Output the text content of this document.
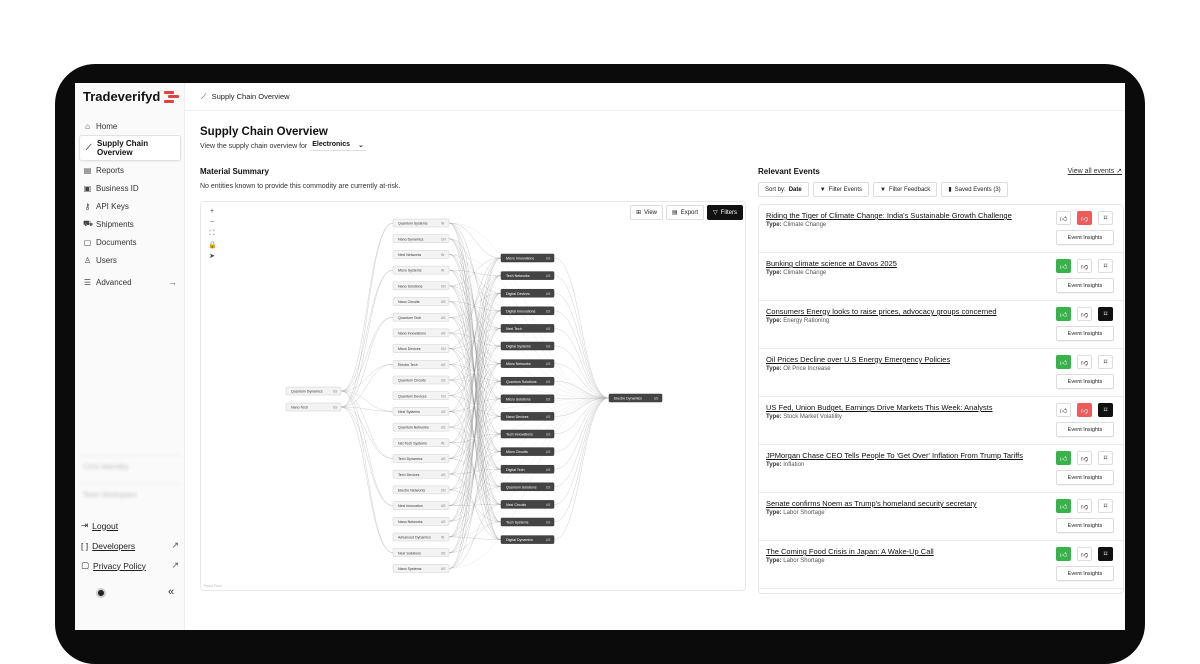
Tradeverifyd
⌂ Home
⟋ Supply Chain Overview
▤ Reports
▣ Business ID
⚷ API Keys
⛟ Shipments
▢ Documents
♙ Users
☰ Advanced	→
Chris Warmley
Team Workspace
⇥ Logout
[ ] Developers	↗
▢ Privacy Policy	↗
«
⟋ Supply Chain Overview
Supply Chain Overview
View the supply chain overview for Electronics ⌄
Material Summary
No entities known to provide this commodity are currently at-risk.
Quantum Dynamics	US
Nano Tech	US
Quantum Systems	IN
Nano Dynamics	CN
Nexi Networks	IN
Micro Systems	IN
Nano Solutions	CN
Nano Circuits	US
Quantum Tech	US
Nano Innovations	US
Micro Devices	CN
Electro Tech	US
Quantum Circuits	US
Quantum Devices	CN
Nexi Systems	US
Quantum Networks	US
Net Tech Systems	IN
Tech Dynamics	US
Tech Devices	US
Electro Networks	CN
Nexi Innovation	US
Nano Networks	US
Advanced Dynamics	IN
Nexi Solutions	US
Nano Systems	US
Micro Innovations	US
Tech Networks	US
Digital Devices	US
Digital Innovations	US
Nexi Tech	US
Digital Systems	US
Micro Networks	US
Quantum Solutions	US
Micro Solutions	US
Nano Devices	US
Tech Innovations	US
Micro Circuits	US
Digital Tech	US
Quantum Solutions	US
Nexi Circuits	US
Tech Systems	US
Digital Dynamics	US
Electro Dynamics	US
+
−
⛶
🔒
➤
⊞ View	▤ Export	▽ Filters
React Flow
Relevant Events	View all events ↗
Sort by: Date	▼ Filter Events	▼ Filter Feedback	▮ Saved Events (3)
Riding the Tiger of Climate Change: India's Sustainable Growth Challenge
Type: Climate Change
👍︎ 👎︎ ⌑
Event Insights
Bunking climate science at Davos 2025
Type: Climate Change
👍︎ 👎︎ ⌑
Event Insights
Consumers Energy looks to raise prices, advocacy groups concerned
Type: Energy Rationing
👍︎ 👎︎ ⌑
Event Insights
Oil Prices Decline over U.S Energy Emergency Policies
Type: Oil Price Increase
👍︎ 👎︎ ⌑
Event Insights
US Fed, Union Budget, Earnings Drive Markets This Week: Analysts
Type: Stock Market Volatility
👍︎ 👎︎ ⌑
Event Insights
JPMorgan Chase CEO Tells People To 'Get Over' Inflation From Trump Tariffs
Type: Inflation
👍︎ 👎︎ ⌑
Event Insights
Senate confirms Noem as Trump's homeland security secretary
Type: Labor Shortage
👍︎ 👎︎ ⌑
Event Insights
The Coming Food Crisis in Japan: A Wake-Up Call
Type: Labor Shortage
👍︎ 👎︎ ⌑
Event Insights
